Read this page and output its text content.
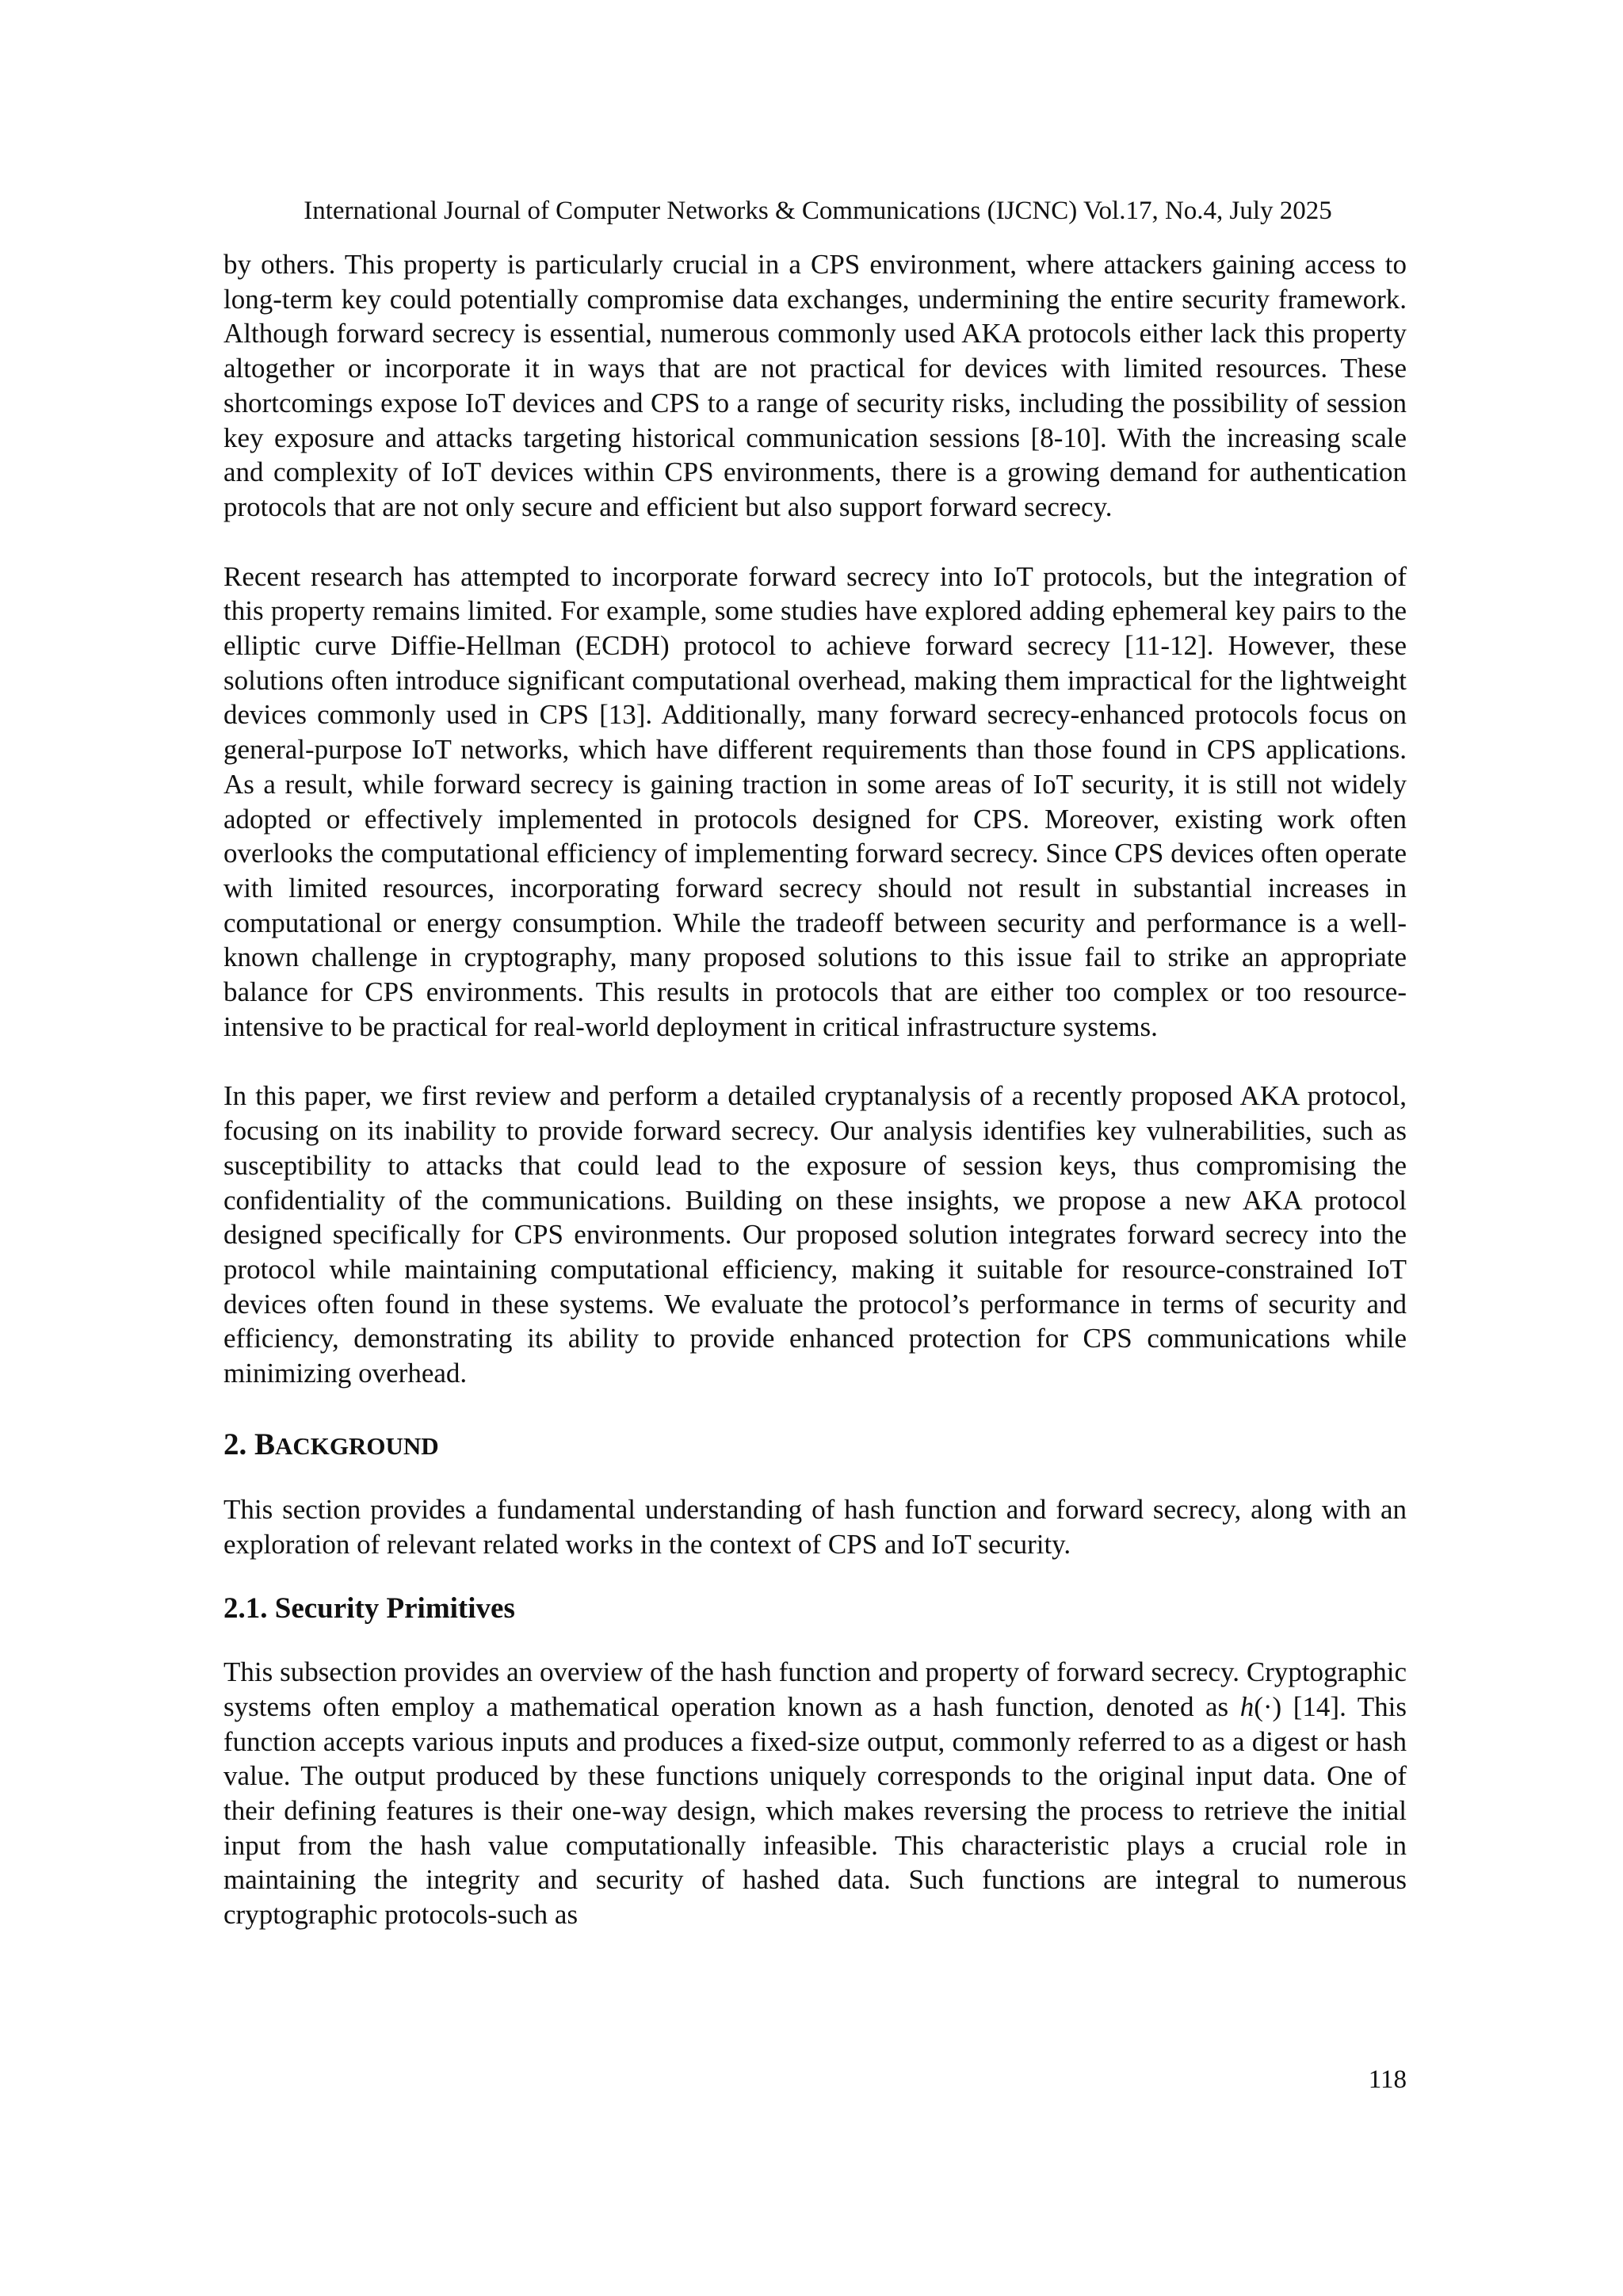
International Journal of Computer Networks & Communications (IJCNC) Vol.17, No.4, July 2025

by others. This property is particularly crucial in a CPS environment, where attackers gaining access to long-term key could potentially compromise data exchanges, undermining the entire security framework. Although forward secrecy is essential, numerous commonly used AKA protocols either lack this property altogether or incorporate it in ways that are not practical for devices with limited resources. These shortcomings expose IoT devices and CPS to a range of security risks, including the possibility of session key exposure and attacks targeting historical communication sessions [8-10]. With the increasing scale and complexity of IoT devices within CPS environments, there is a growing demand for authentication protocols that are not only secure and efficient but also support forward secrecy.

Recent research has attempted to incorporate forward secrecy into IoT protocols, but the integration of this property remains limited. For example, some studies have explored adding ephemeral key pairs to the elliptic curve Diffie-Hellman (ECDH) protocol to achieve forward secrecy [11-12]. However, these solutions often introduce significant computational overhead, making them impractical for the lightweight devices commonly used in CPS [13]. Additionally, many forward secrecy-enhanced protocols focus on general-purpose IoT networks, which have different requirements than those found in CPS applications. As a result, while forward secrecy is gaining traction in some areas of IoT security, it is still not widely adopted or effectively implemented in protocols designed for CPS. Moreover, existing work often overlooks the computational efficiency of implementing forward secrecy. Since CPS devices often operate with limited resources, incorporating forward secrecy should not result in substantial increases in computational or energy consumption. While the tradeoff between security and performance is a well-known challenge in cryptography, many proposed solutions to this issue fail to strike an appropriate balance for CPS environments. This results in protocols that are either too complex or too resource-intensive to be practical for real-world deployment in critical infrastructure systems.

In this paper, we first review and perform a detailed cryptanalysis of a recently proposed AKA protocol, focusing on its inability to provide forward secrecy. Our analysis identifies key vulnerabilities, such as susceptibility to attacks that could lead to the exposure of session keys, thus compromising the confidentiality of the communications. Building on these insights, we propose a new AKA protocol designed specifically for CPS environments. Our proposed solution integrates forward secrecy into the protocol while maintaining computational efficiency, making it suitable for resource-constrained IoT devices often found in these systems. We evaluate the protocol’s performance in terms of security and efficiency, demonstrating its ability to provide enhanced protection for CPS communications while minimizing overhead.

2. BACKGROUND

This section provides a fundamental understanding of hash function and forward secrecy, along with an exploration of relevant related works in the context of CPS and IoT security.

2.1. Security Primitives

This subsection provides an overview of the hash function and property of forward secrecy. Cryptographic systems often employ a mathematical operation known as a hash function, denoted as h(·) [14]. This function accepts various inputs and produces a fixed-size output, commonly referred to as a digest or hash value. The output produced by these functions uniquely corresponds to the original input data. One of their defining features is their one-way design, which makes reversing the process to retrieve the initial input from the hash value computationally infeasible. This characteristic plays a crucial role in maintaining the integrity and security of hashed data. Such functions are integral to numerous cryptographic protocols-such as

118
